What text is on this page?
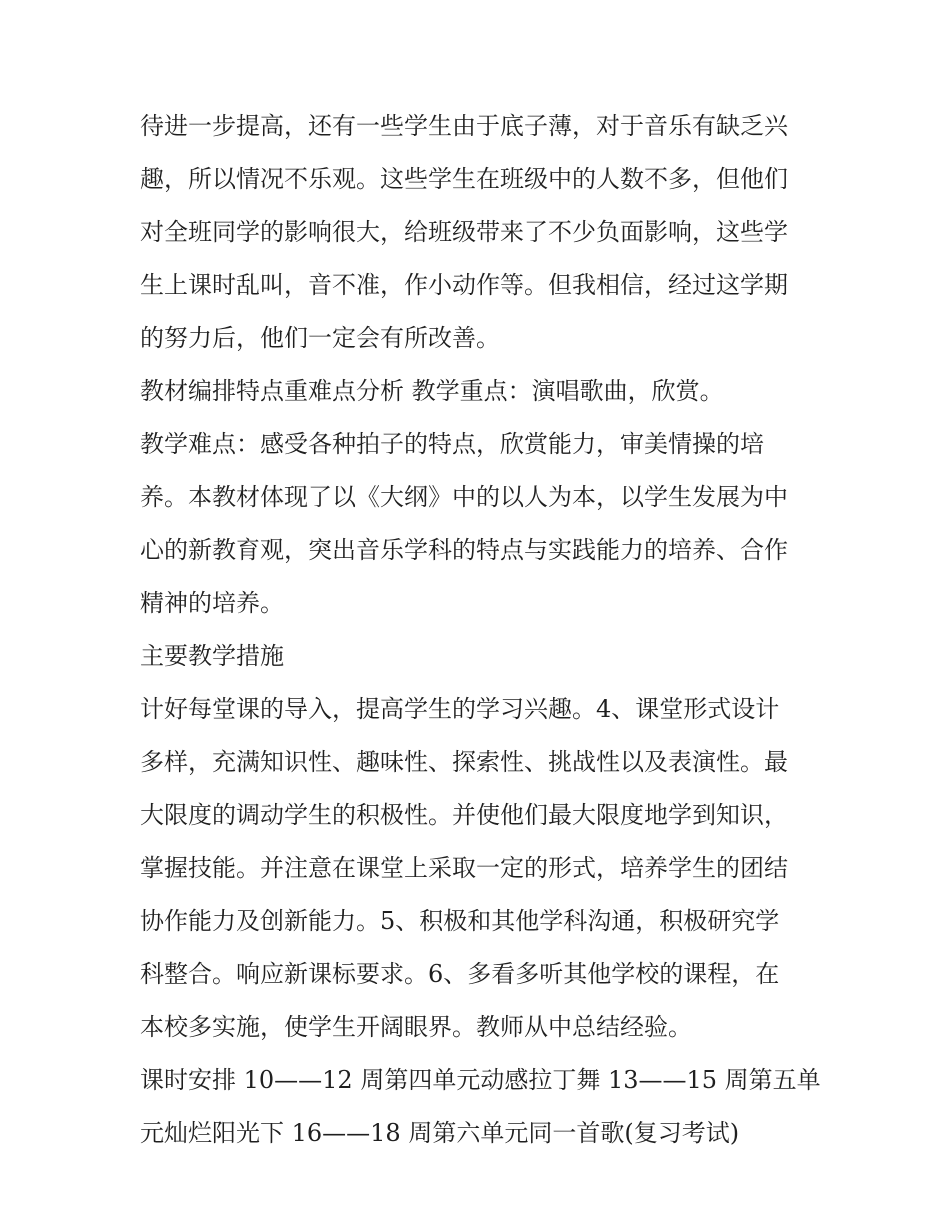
待进一步提高，还有一些学生由于底子薄，对于音乐有缺乏兴
趣，所以情况不乐观。这些学生在班级中的人数不多，但他们
对全班同学的影响很大，给班级带来了不少负面影响，这些学
生上课时乱叫，音不准，作小动作等。但我相信，经过这学期
的努力后，他们一定会有所改善。
教材编排特点重难点分析 教学重点：演唱歌曲，欣赏。
教学难点：感受各种拍子的特点，欣赏能力，审美情操的培
养。本教材体现了以《大纲》中的以人为本，以学生发展为中
心的新教育观，突出音乐学科的特点与实践能力的培养、合作
精神的培养。
主要教学措施
计好每堂课的导入，提高学生的学习兴趣。4、课堂形式设计
多样，充满知识性、趣味性、探索性、挑战性以及表演性。最
大限度的调动学生的积极性。并使他们最大限度地学到知识，
掌握技能。并注意在课堂上采取一定的形式，培养学生的团结
协作能力及创新能力。5、积极和其他学科沟通，积极研究学
科整合。响应新课标要求。6、多看多听其他学校的课程，在
本校多实施，使学生开阔眼界。教师从中总结经验。
课时安排 10——12 周第四单元动感拉丁舞 13——15 周第五单
元灿烂阳光下 16——18 周第六单元同一首歌(复习考试)
